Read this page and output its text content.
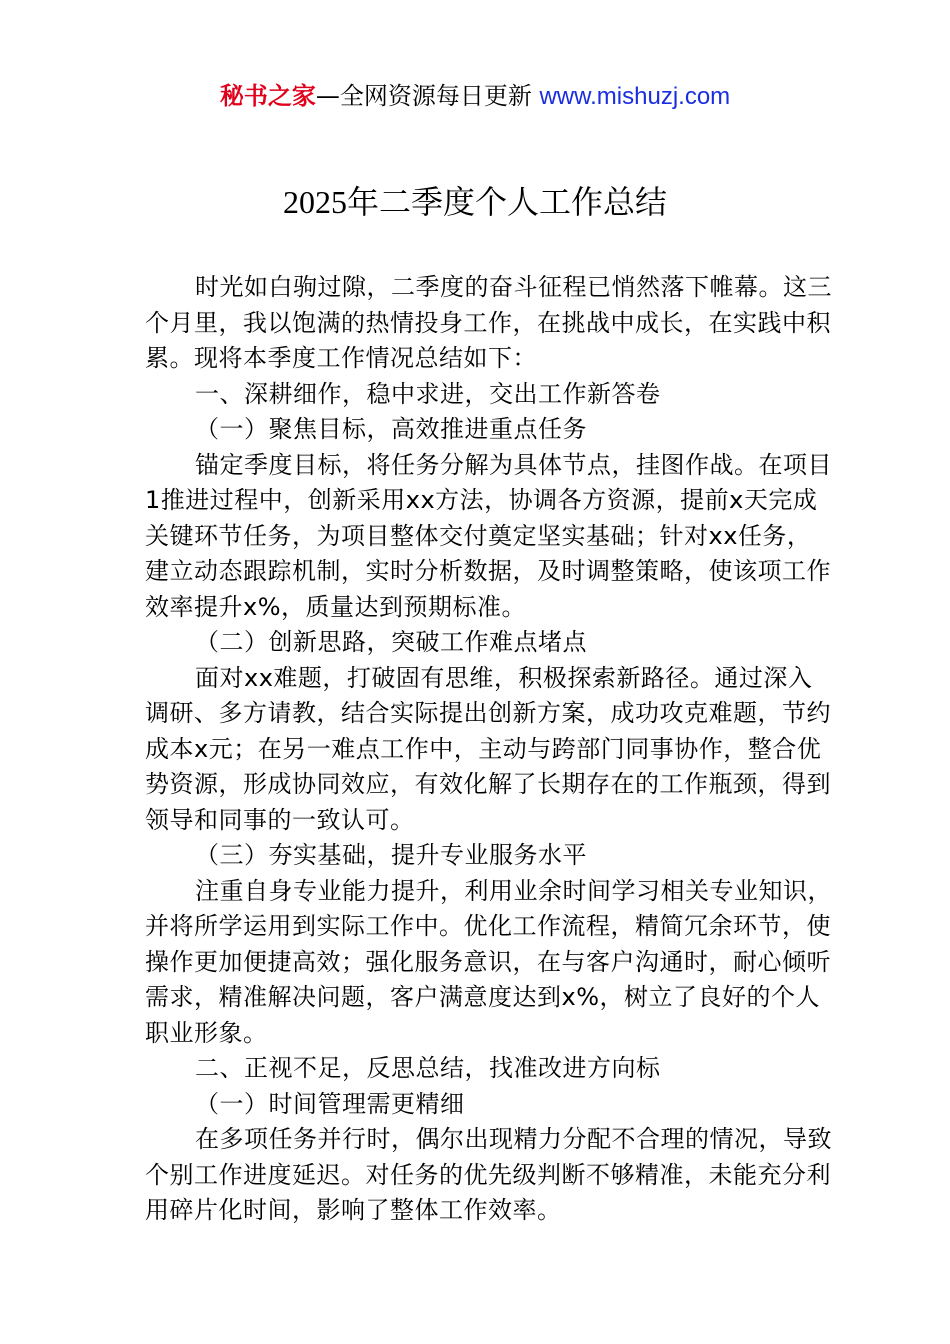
秘书之家—全网资源每日更新 www.mishuzj.com
2025年二季度个人工作总结

时光如白驹过隙，二季度的奋斗征程已悄然落下帷幕。这三个月里，我以饱满的热情投身工作，在挑战中成长，在实践中积累。现将本季度工作情况总结如下：

一、深耕细作，稳中求进，交出工作新答卷

（一）聚焦目标，高效推进重点任务

锚定季度目标，将任务分解为具体节点，挂图作战。在项目1推进过程中，创新采用xx方法，协调各方资源，提前x天完成关键环节任务，为项目整体交付奠定坚实基础；针对xx任务，建立动态跟踪机制，实时分析数据，及时调整策略，使该项工作效率提升x%，质量达到预期标准。

（二）创新思路，突破工作难点堵点

面对xx难题，打破固有思维，积极探索新路径。通过深入调研、多方请教，结合实际提出创新方案，成功攻克难题，节约成本x元；在另一难点工作中，主动与跨部门同事协作，整合优势资源，形成协同效应，有效化解了长期存在的工作瓶颈，得到领导和同事的一致认可。

（三）夯实基础，提升专业服务水平

注重自身专业能力提升，利用业余时间学习相关专业知识，并将所学运用到实际工作中。优化工作流程，精简冗余环节，使操作更加便捷高效；强化服务意识，在与客户沟通时，耐心倾听需求，精准解决问题，客户满意度达到x%，树立了良好的个人职业形象。

二、正视不足，反思总结，找准改进方向标

（一）时间管理需更精细

在多项任务并行时，偶尔出现精力分配不合理的情况，导致个别工作进度延迟。对任务的优先级判断不够精准，未能充分利用碎片化时间，影响了整体工作效率。
